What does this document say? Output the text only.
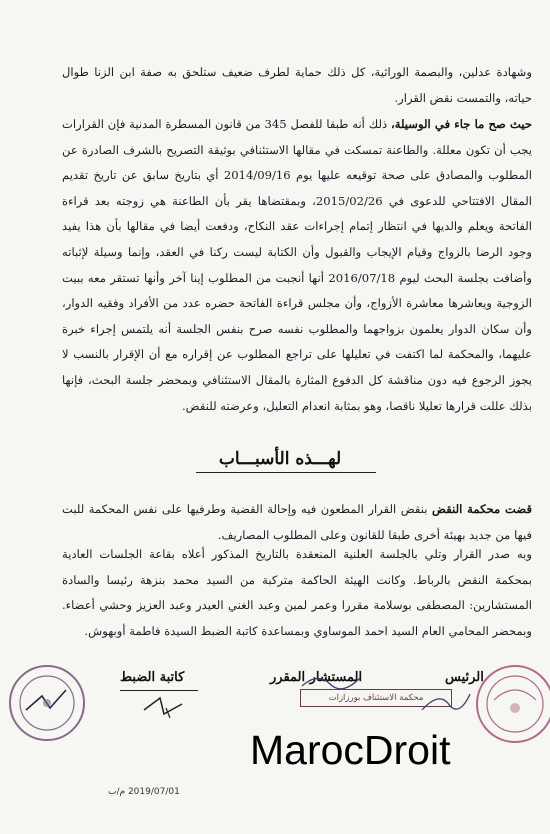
وشهادة عدلين، والبصمة الوراثية، كل ذلك حماية لطرف ضعيف ستلحق به صفة ابن الزنا طوال حياته، والتمست نقض القرار.
حيث صح ما جاء في الوسيلة، ذلك أنه طبقا للفصل 345 من قانون المسطرة المدنية فإن القرارات يجب أن تكون معللة. والطاعنة تمسكت في مقالها الاستئنافي بوثيقة التصريح بالشرف الصادرة عن المطلوب والمصادق على صحة توقيعه عليها يوم 2014/09/16 أي بتاريخ سابق عن تاريخ تقديم المقال الافتتاحي للدعوى في 2015/02/26، وبمقتضاها يقر بأن الطاعنة هي زوجته بعد قراءة الفاتحة ويعلم والديها في انتظار إتمام إجراءات عقد النكاح، ودفعت أيضا في مقالها بأن هذا يفيد وجود الرضا بالزواج وقيام الإيجاب والقبول وأن الكتابة ليست ركنا في العقد، وإنما وسيلة لإثباته وأضافت بجلسة البحث ليوم 2016/07/18 أنها أنجبت من المطلوب إينا آخر وأنها تستقر معه ببيت الزوجية ويعاشرها معاشرة الأزواج، وأن مجلس قراءة الفاتحة حضره عدد من الأفراد وفقيه الدوار، وأن سكان الدوار يعلمون بزواجهما والمطلوب نفسه صرح بنفس الجلسة أنه يلتمس إجراء خبرة عليهما، والمحكمة لما اكتفت في تعليلها على تراجع المطلوب عن إقراره مع أن الإقرار بالنسب لا يجوز الرجوع فيه دون مناقشة كل الدفوع المثارة بالمقال الاستئنافي وبمحضر جلسة البحث، فإنها بذلك عللت قرارها تعليلا ناقصا، وهو بمثابة انعدام التعليل، وعرضته للنقض.
لهـــذه الأسبـــاب
قضت محكمة النقض بنقض القرار المطعون فيه وإحالة القضية وطرفيها على نفس المحكمة للبت فيها من جديد بهيئة أخرى طبقا للقانون وعلى المطلوب المصاريف.
وبه صدر القرار وتلي بالجلسة العلنية المنعقدة بالتاريخ المذكور أعلاه بقاعة الجلسات العادية بمحكمة النقض بالرباط. وكانت الهيئة الحاكمة متركبة من السيد محمد بنزهة رئيسا والسادة المستشارين: المصطفى بوسلامة مقررا وعمر لمين وعبد الغني العيدر وعبد العزيز وحشي أعضاء. وبمحضر المحامي العام السيد احمد الموساوي وبمساعدة كاتبة الضبط السيدة فاطمة أوبهوش.
الرئيس
المستشار المقرر
كاتبة الضبط
محكمة الاستئناف بورزازات
MarocDroit
2019/07/01 م/ب
